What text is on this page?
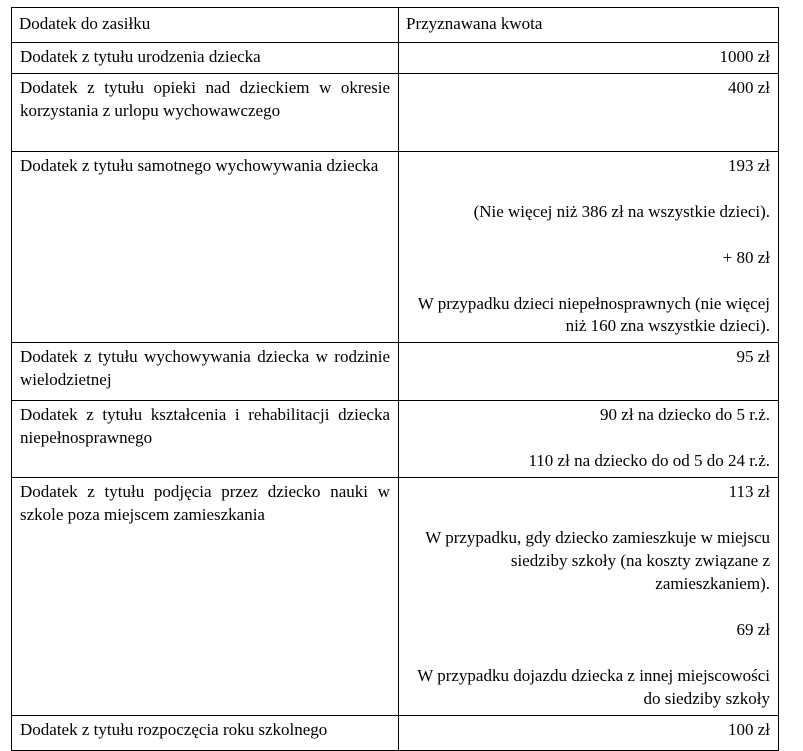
Dodatek do zasiłku	Przyznawana kwota
Dodatek z tytułu urodzenia dziecka	1000 zł

Dodatek z tytułu opieki nad dzieckiem w okresie korzystania z urlopu wychowawczego	400 zł

Dodatek z tytułu samotnego wychowywania dziecka	193 zł

(Nie więcej niż 386 zł na wszystkie dzieci).

+ 80 zł

W przypadku dzieci niepełnosprawnych (nie więcej niż 160 zna wszystkie dzieci).

Dodatek z tytułu wychowywania dziecka w rodzinie wielodzietnej	95 zł

Dodatek z tytułu kształcenia i rehabilitacji dziecka niepełnosprawnego	90 zł na dziecko do 5 r.ż.

110 zł na dziecko do od 5 do 24 r.ż.

Dodatek z tytułu podjęcia przez dziecko nauki w szkole poza miejscem zamieszkania	113 zł

W przypadku, gdy dziecko zamieszkuje w miejscu siedziby szkoły (na koszty związane z zamieszkaniem).

69 zł

W przypadku dojazdu dziecka z innej miejscowości do siedziby szkoły

Dodatek z tytułu rozpoczęcia roku szkolnego	100 zł
